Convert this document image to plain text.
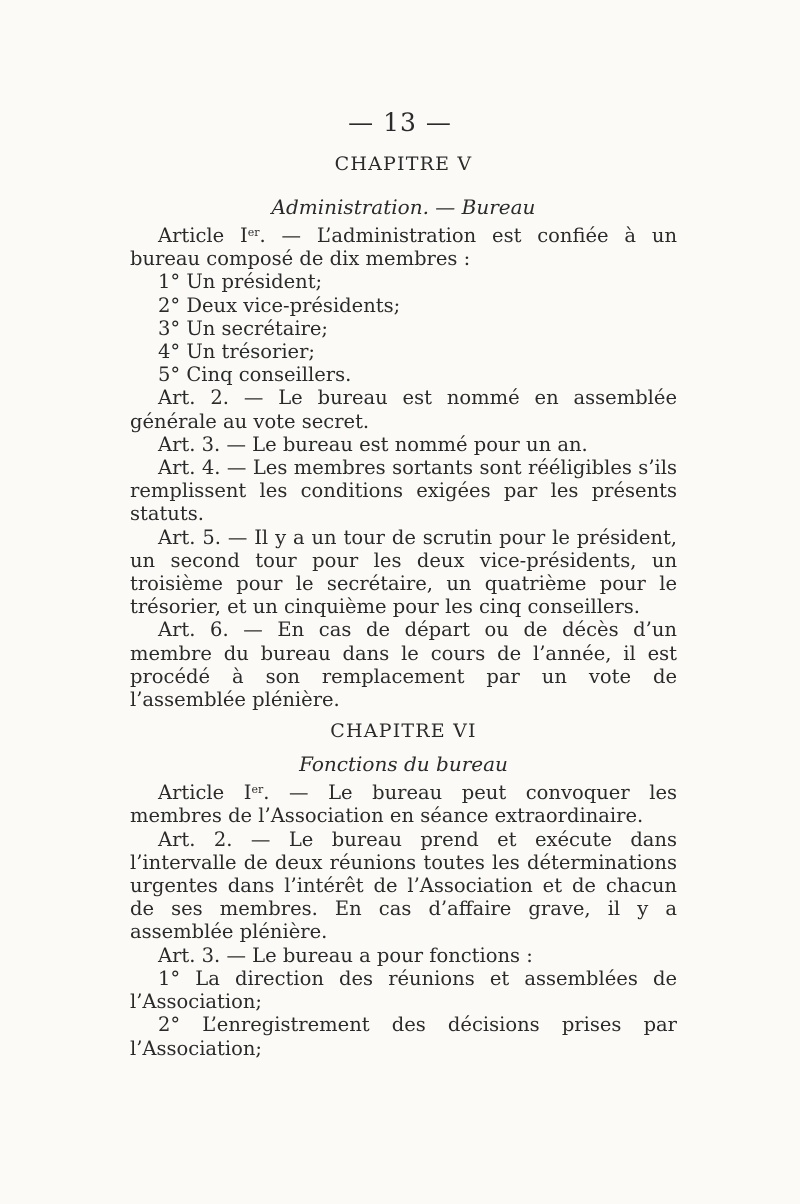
— 13 —
CHAPITRE V
Administration. — Bureau

Article Ier. — L’administration est confiée à un bureau composé de dix membres :

1° Un président;

2° Deux vice-présidents;

3° Un secrétaire;

4° Un trésorier;

5° Cinq conseillers.

Art. 2. — Le bureau est nommé en assemblée générale au vote secret.

Art. 3. — Le bureau est nommé pour un an.

Art. 4. — Les membres sortants sont rééligibles s’ils remplissent les conditions exigées par les présents statuts.

Art. 5. — Il y a un tour de scrutin pour le président, un second tour pour les deux vice-présidents, un troisième pour le secrétaire, un quatrième pour le trésorier, et un cinquième pour les cinq conseillers.

Art. 6. — En cas de départ ou de décès d’un membre du bureau dans le cours de l’année, il est procédé à son remplacement par un vote de l’assemblée plénière.

CHAPITRE VI
Fonctions du bureau

Article Ier. — Le bureau peut convoquer les membres de l’Association en séance extraordinaire.

Art. 2. — Le bureau prend et exécute dans l’intervalle de deux réunions toutes les déterminations urgentes dans l’intérêt de l’Association et de chacun de ses membres. En cas d’affaire grave, il y a assemblée plénière.

Art. 3. — Le bureau a pour fonctions :

1° La direction des réunions et assemblées de l’Association;

2° L’enregistrement des décisions prises par l’Association;
